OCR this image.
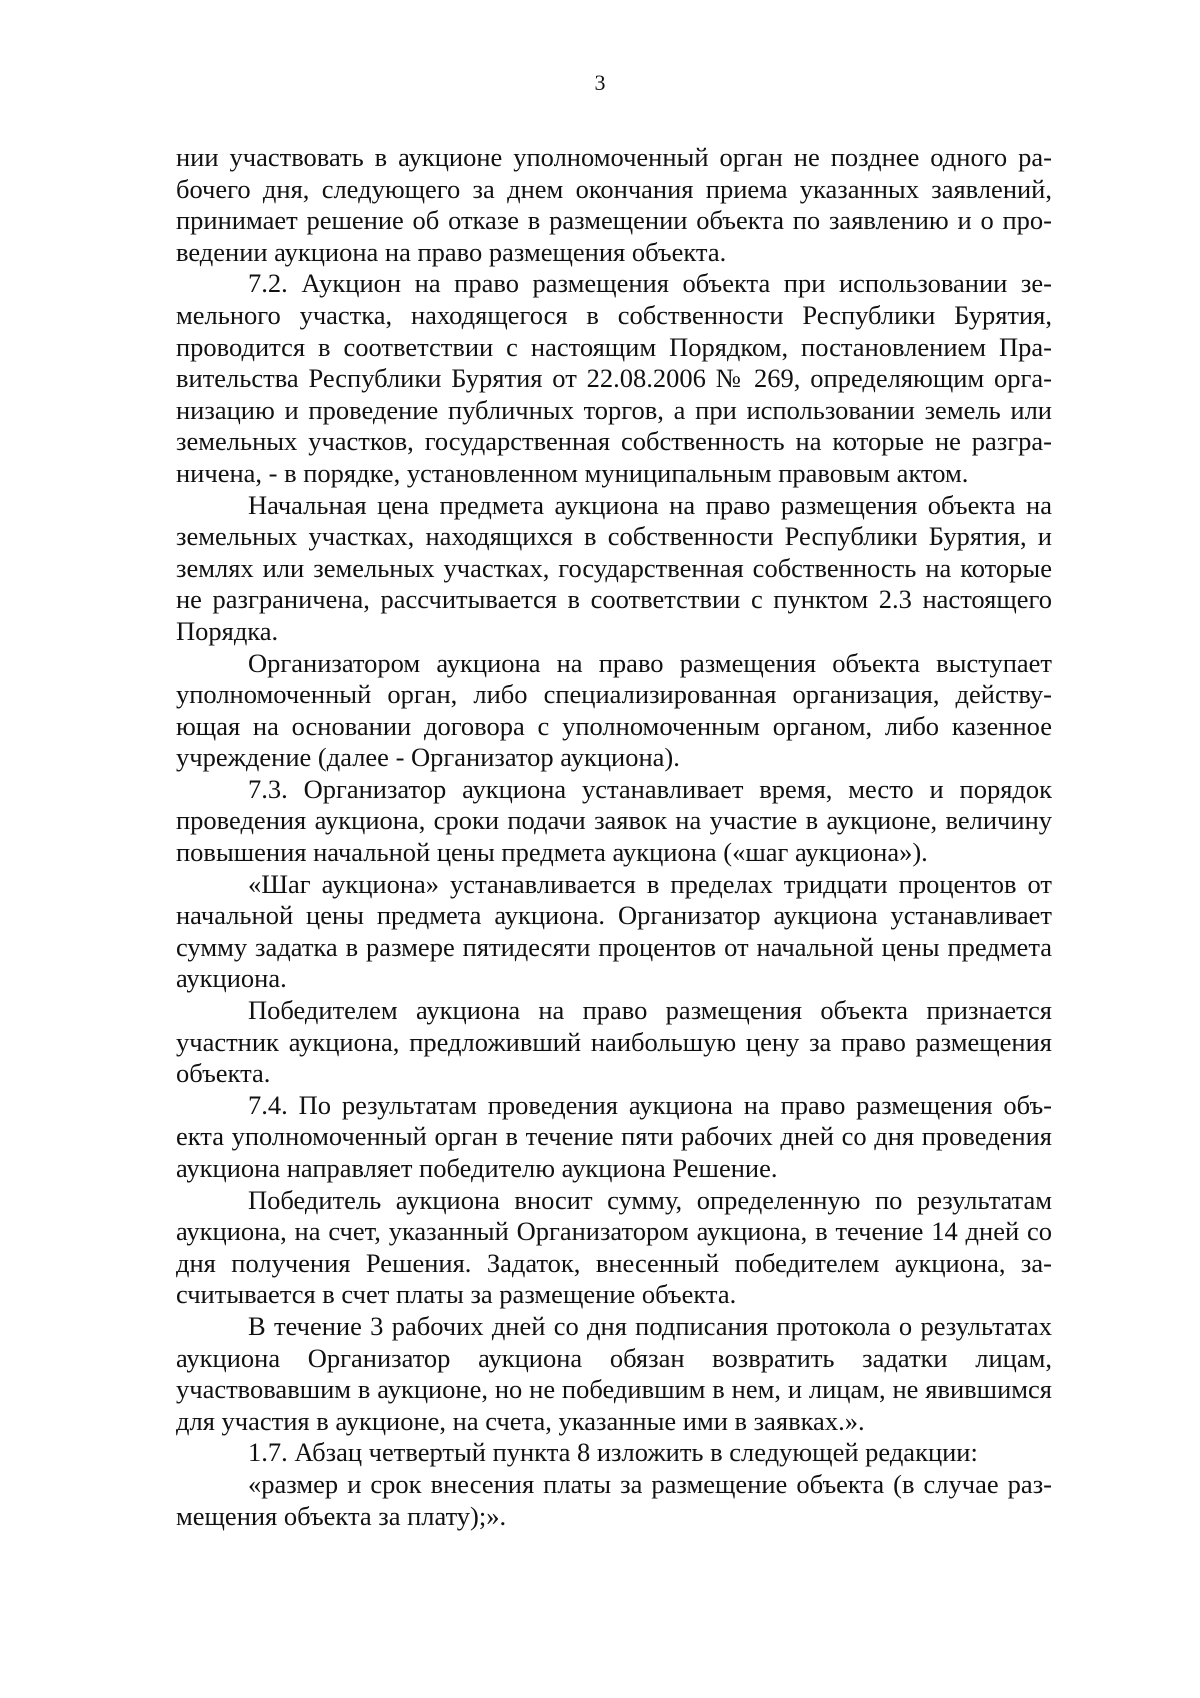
3

нии участвовать в аукционе уполномоченный орган не позднее одного рабочего дня, следующего за днем окончания приема указанных заявлений, принимает решение об отказе в размещении объекта по заявлению и о проведении аукциона на право размещения объекта.

7.2. Аукцион на право размещения объекта при использовании земельного участка, находящегося в собственности Республики Бурятия, проводится в соответствии с настоящим Порядком, постановлением Правительства Республики Бурятия от 22.08.2006 № 269, определяющим организацию и проведение публичных торгов, а при использовании земель или земельных участков, государственная собственность на которые не разграничена, - в порядке, установленном муниципальным правовым актом.

Начальная цена предмета аукциона на право размещения объекта на земельных участках, находящихся в собственности Республики Бурятия, и землях или земельных участках, государственная собственность на которые не разграничена, рассчитывается в соответствии с пунктом 2.3 настоящего Порядка.

Организатором аукциона на право размещения объекта выступает уполномоченный орган, либо специализированная организация, действующая на основании договора с уполномоченным органом, либо казенное учреждение (далее - Организатор аукциона).

7.3. Организатор аукциона устанавливает время, место и порядок проведения аукциона, сроки подачи заявок на участие в аукционе, величину повышения начальной цены предмета аукциона («шаг аукциона»).

«Шаг аукциона» устанавливается в пределах тридцати процентов от начальной цены предмета аукциона. Организатор аукциона устанавливает сумму задатка в размере пятидесяти процентов от начальной цены предмета аукциона.

Победителем аукциона на право размещения объекта признается участник аукциона, предложивший наибольшую цену за право размещения объекта.

7.4. По результатам проведения аукциона на право размещения объекта уполномоченный орган в течение пяти рабочих дней со дня проведения аукциона направляет победителю аукциона Решение.

Победитель аукциона вносит сумму, определенную по результатам аукциона, на счет, указанный Организатором аукциона, в течение 14 дней со дня получения Решения. Задаток, внесенный победителем аукциона, засчитывается в счет платы за размещение объекта.

В течение 3 рабочих дней со дня подписания протокола о результатах аукциона Организатор аукциона обязан возвратить задатки лицам, участвовавшим в аукционе, но не победившим в нем, и лицам, не явившимся для участия в аукционе, на счета, указанные ими в заявках.».

1.7. Абзац четвертый пункта 8 изложить в следующей редакции:

«размер и срок внесения платы за размещение объекта (в случае размещения объекта за плату);».
